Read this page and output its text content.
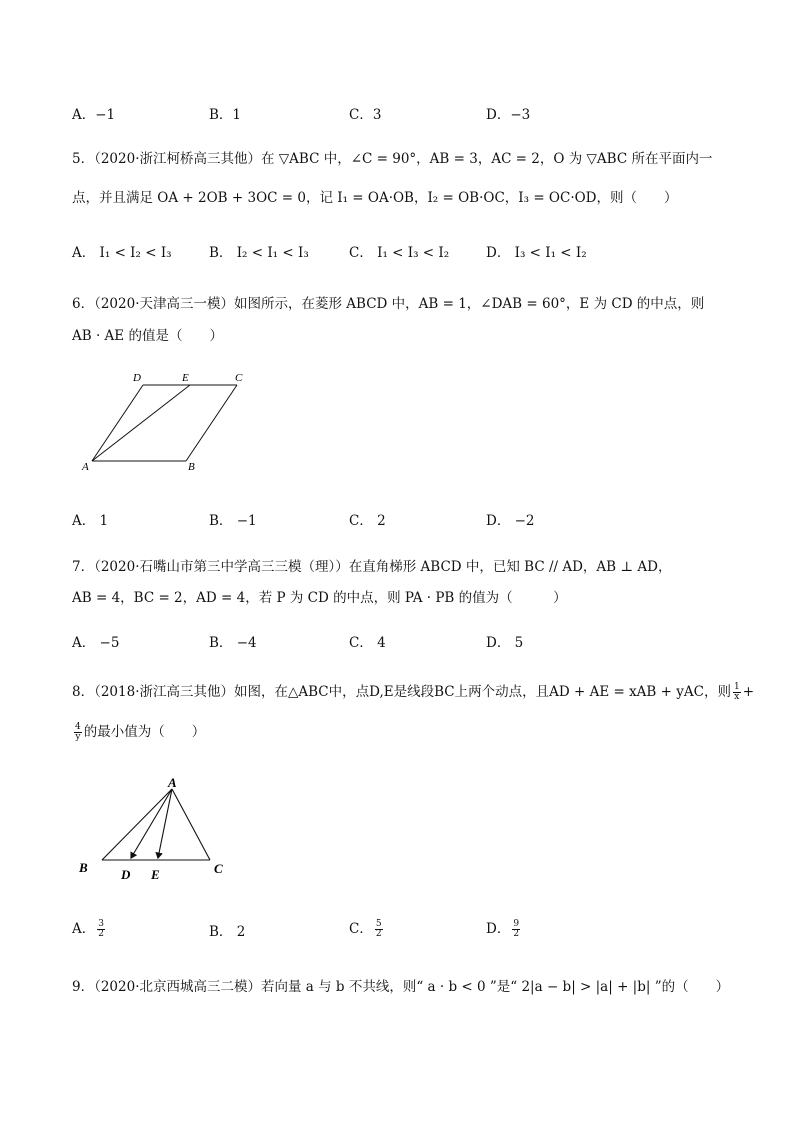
A．−1	B．1	C．3	D．−3
5．（2020·浙江柯桥高三其他）在 ▽ABC 中，∠C = 90°，AB = 3，AC = 2，O 为 ▽ABC 所在平面内一
点，并且满足 OA + 2OB + 3OC = 0，记 I₁ = OA·OB，I₂ = OB·OC，I₃ = OC·OD，则（　　）
A． I₁ < I₂ < I₃	B． I₂ < I₁ < I₃	C． I₁ < I₃ < I₂	D． I₃ < I₁ < I₂
6．（2020·天津高三一模）如图所示，在菱形 ABCD 中，AB = 1，∠DAB = 60°，E 为 CD 的中点，则
AB · AE 的值是（　　）
A	B
C
D	E
A． 1	B． −1	C． 2	D． −2
7．（2020·石嘴山市第三中学高三三模（理））在直角梯形 ABCD 中，已知 BC // AD，AB ⊥ AD，
AB = 4，BC = 2，AD = 4，若 P 为 CD 的中点，则 PA · PB 的值为（　　　）
A． −5	B． −4	C． 4	D． 5
8．（2018·浙江高三其他）如图，在△ABC中，点D,E是线段BC上两个动点，且AD + AE = xAB + yAC，则 $\frac{1}{x}$ +
$\frac{4}{y}$ 的最小值为（　　）
A
B	C
D E
A． $\frac{3}{2}$	B． 2	C． $\frac{5}{2}$	D． $\frac{9}{2}$
9．（2020·北京西城高三二模）若向量 a 与 b 不共线，则“ a · b < 0 ”是“ 2|a − b| > |a| + |b| ”的（　　）
